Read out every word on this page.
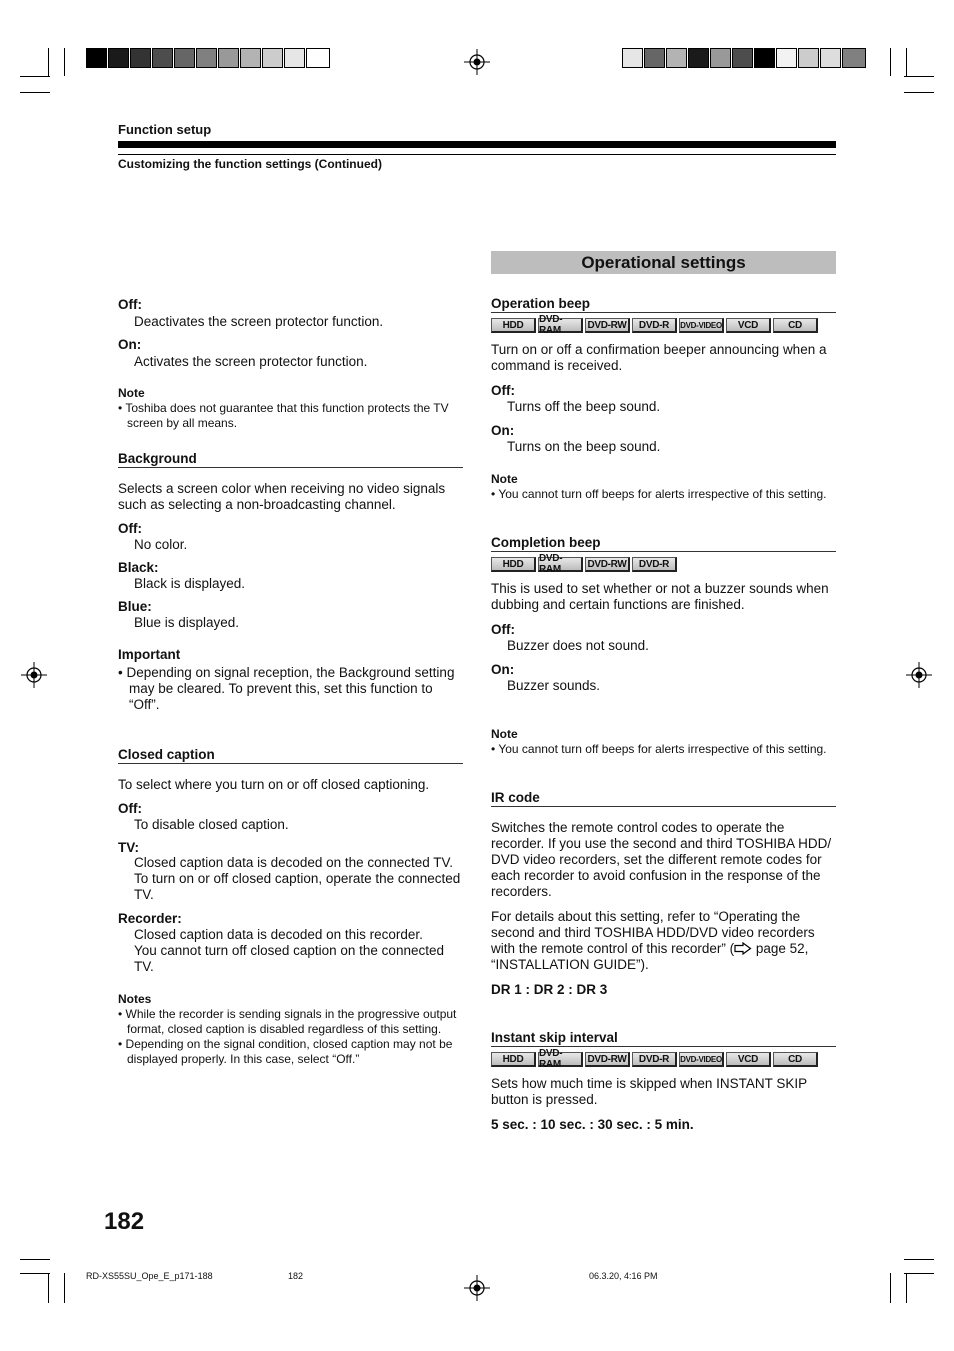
Function setup
Customizing the function settings (Continued)

Off:

Deactivates the screen protector function.

On:

Activates the screen protector function.

Note

• Toshiba does not guarantee that this function protects the TV screen by all means.

Background

Selects a screen color when receiving no video signals such as selecting a non-broadcasting channel.

Off:

No color.

Black:

Black is displayed.

Blue:

Blue is displayed.

Important

• Depending on signal reception, the Background setting may be cleared. To prevent this, set this function to “Off”.

Closed caption

To select where you turn on or off closed captioning.

Off:

To disable closed caption.

TV:

Closed caption data is decoded on the connected TV. To turn on or off closed caption, operate the connected TV.

Recorder:

Closed caption data is decoded on this recorder.

You cannot turn off closed caption on the connected TV.

Notes

• While the recorder is sending signals in the progressive output format, closed caption is disabled regardless of this setting.

• Depending on the signal condition, closed caption may not be displayed properly. In this case, select “Off.”

Operational settings

Operation beep

HDD	DVD-RAM	DVD-RW	DVD-R	DVD-VIDEO	VCD	CD

Turn on or off a confirmation beeper announcing when a command is received.

Off:

Turns off the beep sound.

On:

Turns on the beep sound.

Note

• You cannot turn off beeps for alerts irrespective of this setting.

Completion beep

HDD	DVD-RAM	DVD-RW	DVD-R

This is used to set whether or not a buzzer sounds when dubbing and certain functions are finished.

Off:

Buzzer does not sound.

On:

Buzzer sounds.

Note

• You cannot turn off beeps for alerts irrespective of this setting.

IR code

Switches the remote control codes to operate the recorder. If you use the second and third TOSHIBA HDD/ DVD video recorders, set the different remote codes for each recorder to avoid confusion in the response of the recorders.

For details about this setting, refer to “Operating the second and third TOSHIBA HDD/DVD video recorders with the remote control of this recorder” ( page 52, “INSTALLATION GUIDE”).

DR 1 : DR 2 : DR 3

Instant skip interval

HDD	DVD-RAM	DVD-RW	DVD-R	DVD-VIDEO	VCD	CD

Sets how much time is skipped when INSTANT SKIP button is pressed.

5 sec. : 10 sec. : 30 sec. : 5 min.

182
RD-XS55SU_Ope_E_p171-188	182	06.3.20, 4:16 PM
